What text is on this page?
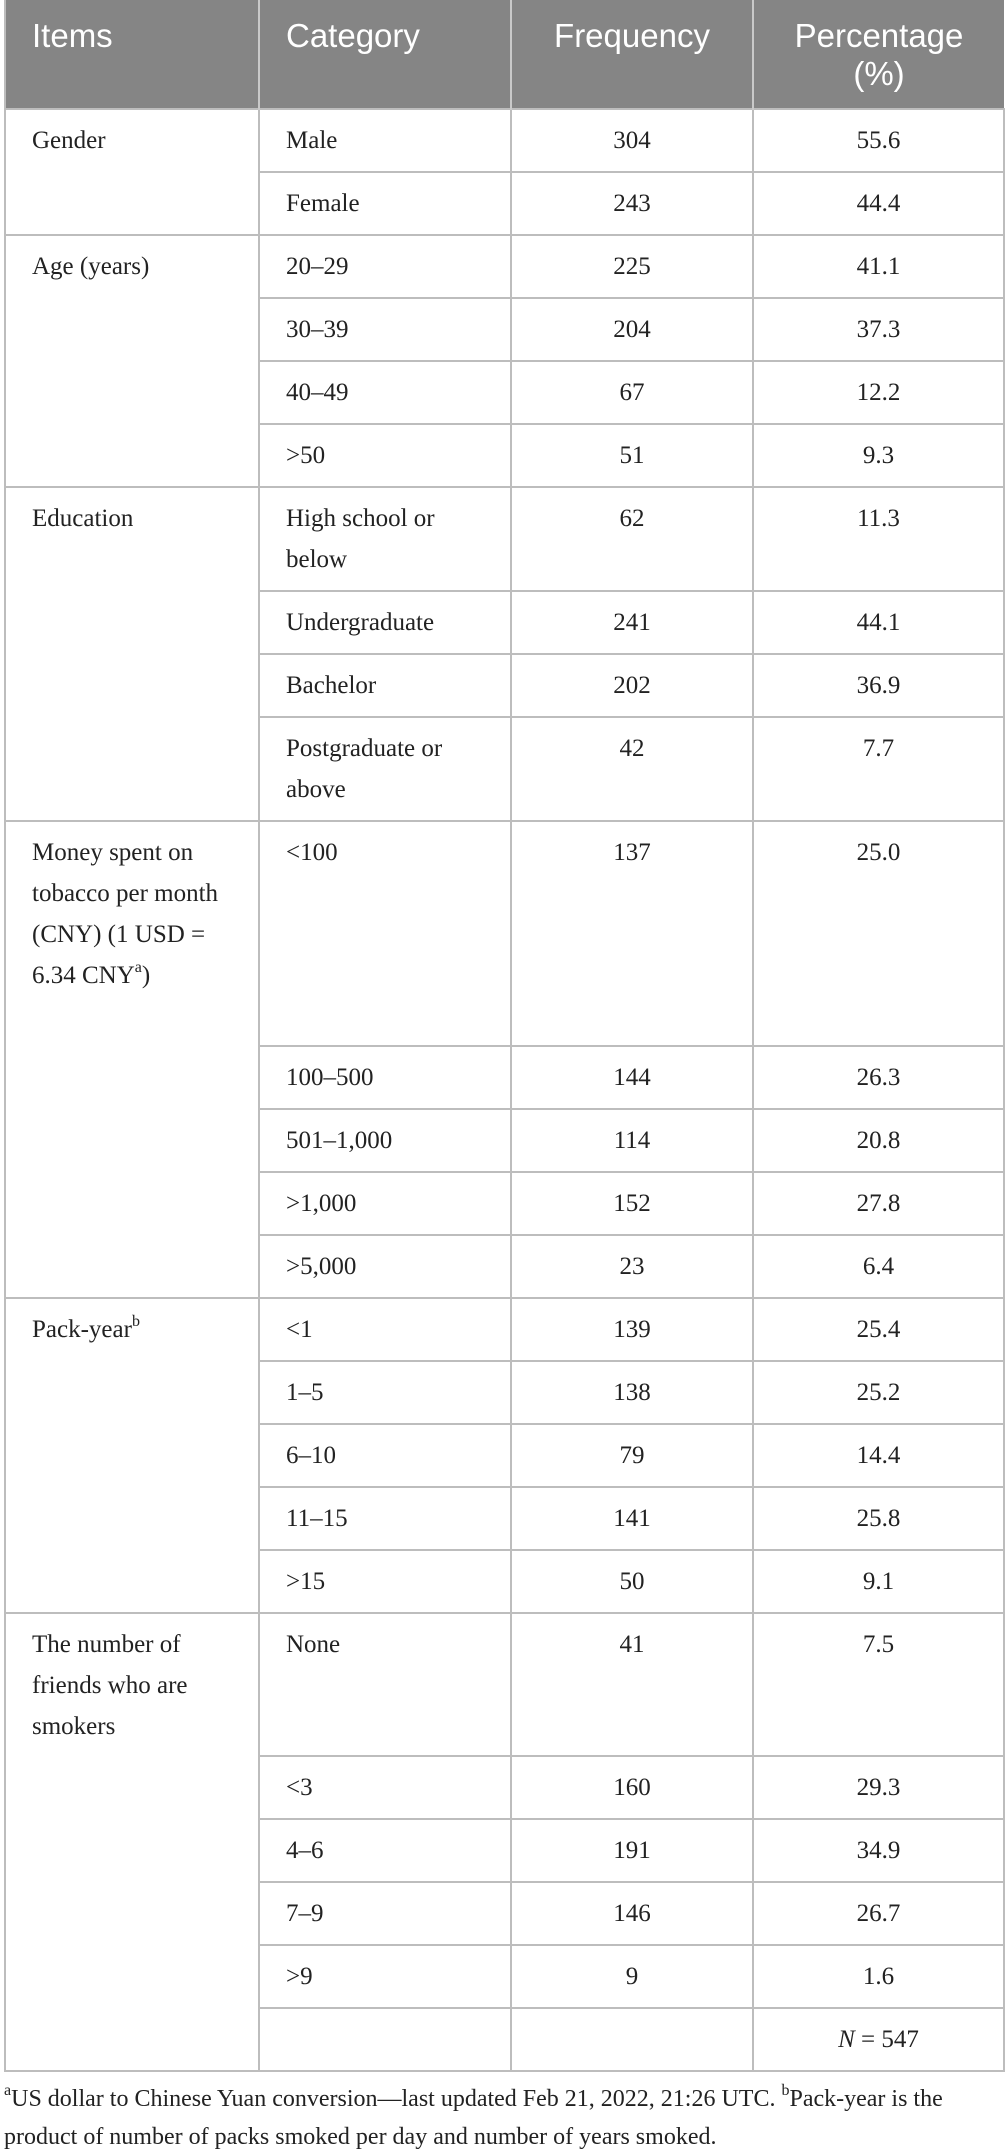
Items	Category	Frequency	Percentage (%)
Gender	Male	304	55.6
	Female	243	44.4
Age (years)	20–29	225	41.1
	30–39	204	37.3
	40–49	67	12.2
	>50	51	9.3
Education	High school or below	62	11.3
	Undergraduate	241	44.1
	Bachelor	202	36.9
	Postgraduate or above	42	7.7
Money spent on tobacco per month (CNY) (1 USD = 6.34 $CNY^a$)	<100	137	25.0
	100–500	144	26.3
	501–1,000	114	20.8
	>1,000	152	27.8
	>5,000	23	6.4
Pack-year$^b$	<1	139	25.4
	1–5	138	25.2
	6–10	79	14.4
	11–15	141	25.8
	>15	50	9.1
The number of friends who are smokers	None	41	7.5
	<3	160	29.3
	4–6	191	34.9
	7–9	146	26.7
	>9	9	1.6
			N = 547

$^a$US dollar to Chinese Yuan conversion—last updated Feb 21, 2022, 21:26 UTC. $^b$Pack-year is the product of number of packs smoked per day and number of years smoked.
